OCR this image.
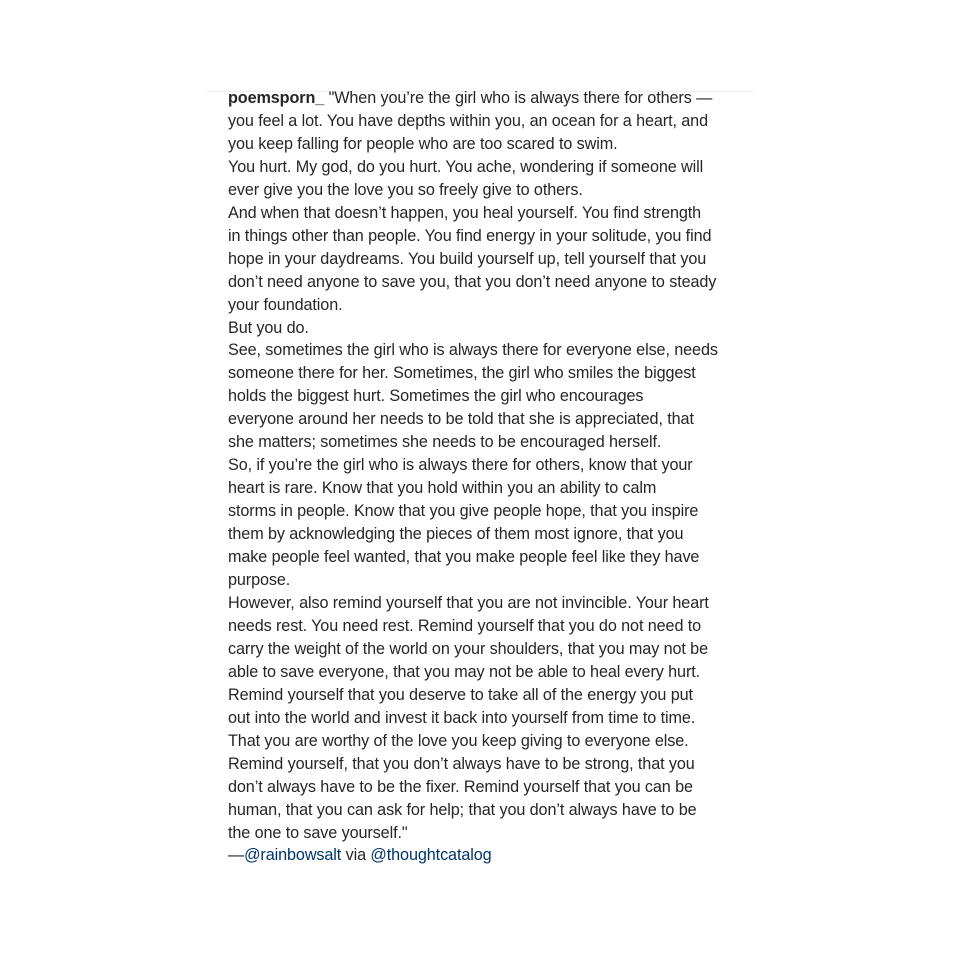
poemsporn_ "When you’re the girl who is always there for others —
you feel a lot. You have depths within you, an ocean for a heart, and
you keep falling for people who are too scared to swim.
You hurt. My god, do you hurt. You ache, wondering if someone will
ever give you the love you so freely give to others.
And when that doesn’t happen, you heal yourself. You find strength
in things other than people. You find energy in your solitude, you find
hope in your daydreams. You build yourself up, tell yourself that you
don’t need anyone to save you, that you don’t need anyone to steady
your foundation.
But you do.
See, sometimes the girl who is always there for everyone else, needs
someone there for her. Sometimes, the girl who smiles the biggest
holds the biggest hurt. Sometimes the girl who encourages
everyone around her needs to be told that she is appreciated, that
she matters; sometimes she needs to be encouraged herself.
So, if you’re the girl who is always there for others, know that your
heart is rare. Know that you hold within you an ability to calm
storms in people. Know that you give people hope, that you inspire
them by acknowledging the pieces of them most ignore, that you
make people feel wanted, that you make people feel like they have
purpose.
However, also remind yourself that you are not invincible. Your heart
needs rest. You need rest. Remind yourself that you do not need to
carry the weight of the world on your shoulders, that you may not be
able to save everyone, that you may not be able to heal every hurt.
Remind yourself that you deserve to take all of the energy you put
out into the world and invest it back into yourself from time to time.
That you are worthy of the love you keep giving to everyone else.
Remind yourself, that you don’t always have to be strong, that you
don’t always have to be the fixer. Remind yourself that you can be
human, that you can ask for help; that you don’t always have to be
the one to save yourself."
—@rainbowsalt via @thoughtcatalog
